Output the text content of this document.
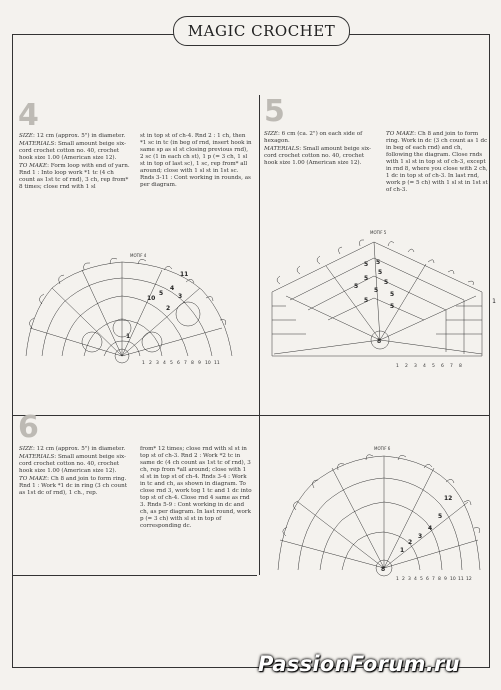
MAGIC CROCHET
1
4

SIZE: 12 cm (approx. 5") in diameter.

MATERIALS: Small amount beige six-cord crochet cotton no. 40, crochet hook size 1.00 (American size 12).

TO MAKE: Form loop with end of yarn. Rnd 1 : Into loop work *1 tc (4 ch count as 1st tc of rnd), 3 ch, rep from* 8 times; close rnd with 1 sl

st in top st of ch-4. Rnd 2 : 1 ch, then *1 sc in tc (in beg of rnd, insert hook in same sp as sl st closing previous rnd), 2 sc (1 in each ch st), 1 p (= 3 ch, 1 sl st in top of last sc), 1 sc, rep from* all around; close with 1 sl st in 1st sc. Rnds 3-11 : Cont working in rounds, as per diagram.
MOTIF 4
11
10
5
4
3
2
1
1 2 3 4 5 6 7 8 9 10 11
5

SIZE: 6 cm (ca. 2") on each side of hexagon.

MATERIALS: Small amount beige six-cord crochet cotton no. 40, crochet hook size 1.00 (American size 12).

TO MAKE: Ch 8 and join to form ring. Work in dc (3 ch count as 1 dc in beg of each rnd) and ch, following the diagram. Close rnds with 1 sl st in top st of ch-3, except in rnd 8, where you close with 2 ch, 1 dc in top st of ch-3. In last rnd, work p (= 5 ch) with 1 sl st in 1st st of ch-3.

MOTIF 5
5 5
5
5
5
5
5
5
5
5
8
1 2 3 4 5 6 7 8
6

SIZE: 12 cm (approx. 5") in diameter.

MATERIALS: Small amount beige six-cord crochet cotton no. 40, crochet hook size 1.00 (American size 12).

TO MAKE: Ch 8 and join to form ring. Rnd 1 : Work *1 dc in ring (3 ch count as 1st dc of rnd), 1 ch., rep.

from* 12 times; close rnd with sl st in top st of ch-3. Rnd 2 : Work *2 tc in same dc (4 ch count as 1st tc of rnd), 3 ch, rep from *all around; close with 1 sl st in top st of ch-4. Rnds 3-4 : Work in tc and ch, as shown in diagram. To close rnd 3, work tog 1 tc and 1 dc into top st of ch-4. Close rnd 4 same as rnd 3. Rnds 5-9 : Cont working in dc and ch, as per diagram. In last round, work p (= 3 ch) with sl st in top of corresponding dc.
MOTIF 6
12
5
4
3
2
1
8
1 2 3 4 5 6 7 8 9 10 11 12
PassionForum.ru
